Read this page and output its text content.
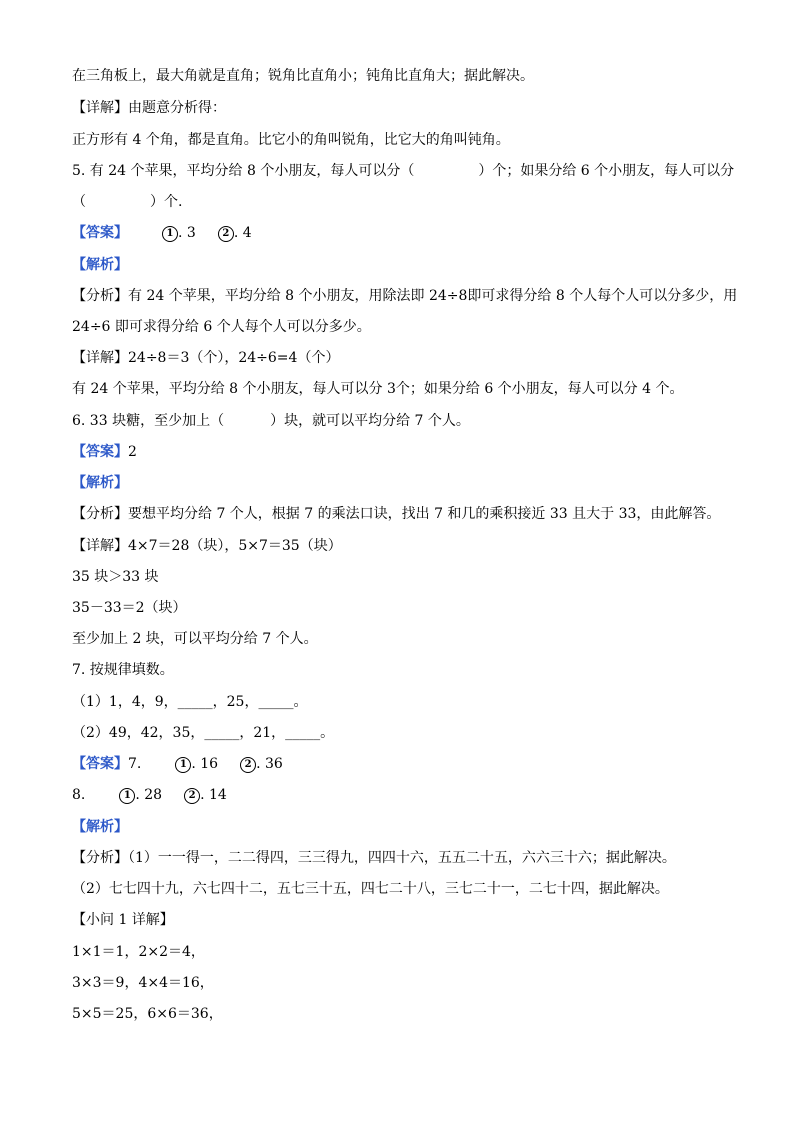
在三角板上，最大角就是直角；锐角比直角小；钝角比直角大；据此解决。
【详解】由题意分析得：
正方形有 4 个角，都是直角。比它小的角叫锐角，比它大的角叫钝角。
5. 有 24 个苹果，平均分给 8 个小朋友，每人可以分（	）个；如果分给 6 个小朋友，每人可以分
（	）个.
【答案】	1 . 3	2 . 4
【解析】
【分析】有 24 个苹果，平均分给 8 个小朋友，用除法即 24÷8即可求得分给 8 个人每个人可以分多少，用
24÷6 即可求得分给 6 个人每个人可以分多少。
【详解】24÷8＝3（个），24÷6=4（个）
有 24 个苹果，平均分给 8 个小朋友，每人可以分 3个；如果分给 6 个小朋友，每人可以分 4 个。
6. 33 块糖，至少加上（	）块，就可以平均分给 7 个人。
【答案】2
【解析】
【分析】要想平均分给 7 个人，根据 7 的乘法口诀，找出 7 和几的乘积接近 33 且大于 33，由此解答。
【详解】4×7＝28（块），5×7＝35（块）
35 块＞33 块
35－33＝2（块）
至少加上 2 块，可以平均分给 7 个人。
7. 按规律填数。
（1）1，4，9，_____，25，_____。
（2）49，42，35，_____，21，_____。
【答案】7.	1 . 16	2 . 36
8.	1 . 28	2 . 14
【解析】
【分析】（1）一一得一，二二得四，三三得九，四四十六，五五二十五，六六三十六；据此解决。
（2）七七四十九，六七四十二，五七三十五，四七二十八，三七二十一，二七十四，据此解决。
【小问 1 详解】
1×1＝1，2×2＝4，
3×3＝9，4×4＝16，
5×5＝25，6×6＝36，
